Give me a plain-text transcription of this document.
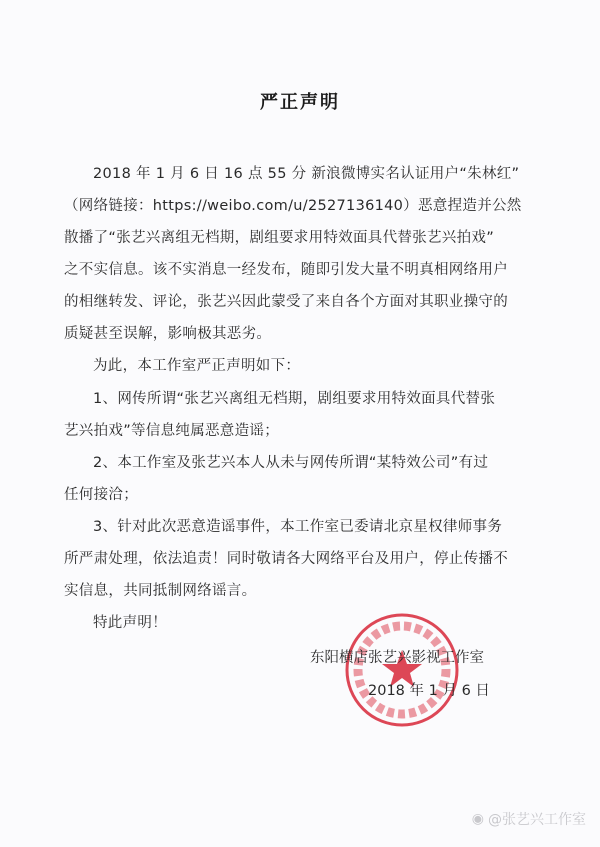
严正声明
2018 年 1 月 6 日 16 点 55 分 新浪微博实名认证用户“朱林红”
（网络链接：https://weibo.com/u/2527136140）恶意捏造并公然
散播了“张艺兴离组无档期，剧组要求用特效面具代替张艺兴拍戏”
之不实信息。该不实消息一经发布，随即引发大量不明真相网络用户
的相继转发、评论，张艺兴因此蒙受了来自各个方面对其职业操守的
质疑甚至误解，影响极其恶劣。
为此，本工作室严正声明如下：
1、网传所谓“张艺兴离组无档期，剧组要求用特效面具代替张
艺兴拍戏”等信息纯属恶意造谣；
2、本工作室及张艺兴本人从未与网传所谓“某特效公司”有过
任何接洽；
3、针对此次恶意造谣事件，本工作室已委请北京星权律师事务
所严肃处理，依法追责！同时敬请各大网络平台及用户，停止传播不
实信息，共同抵制网络谣言。
特此声明！
东阳横店张艺兴影视工作室
2018 年 1 月 6 日
◉ @张艺兴工作室
